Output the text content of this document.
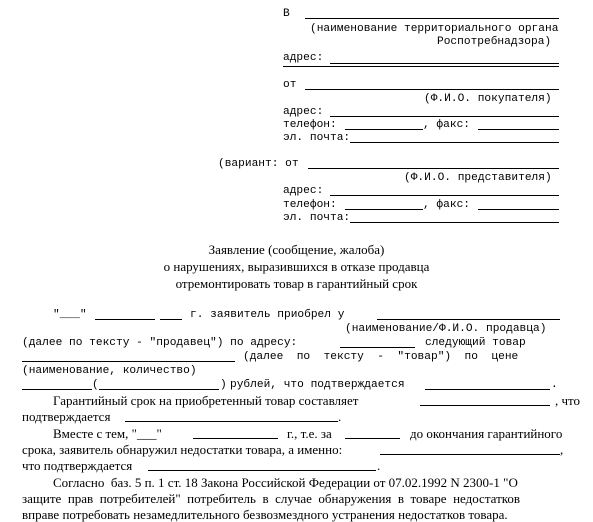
В
(наименование территориального органа
Роспотребнадзора)
адрес:
от
(Ф.И.О. покупателя)
адрес:
телефон:	, факс:
эл. почта:
(вариант: от
(Ф.И.О. представителя)
адрес:
телефон:	, факс:
эл. почта:
Заявление (сообщение, жалоба)
о нарушениях, выразившихся в отказе продавца
отремонтировать товар в гарантийный срок
"___"	г. заявитель приобрел у
(наименование/Ф.И.О. продавца)
(далее по тексту - "продавец") по адресу:	следующий товар
(далее  по  тексту  -  "товар")  по  цене
(наименование, количество)
(	) рублей, что подтверждается	.
Гарантийный срок на приобретенный товар составляет	, что
подтверждается	.
Вместе с тем, "___"	г., т.е. за	до окончания гарантийного
срока, заявитель обнаружил недостатки товара, а именно:	,
что подтверждается	.
Согласно  баз. 5 п. 1 ст. 18 Закона Российской Федерации от 07.02.1992 N 2300-1 "О
защите  прав  потребителей"  потребитель  в  случае  обнаружения  в  товаре  недостатков
вправе потребовать незамедлительного безвозмездного устранения недостатков товара.
